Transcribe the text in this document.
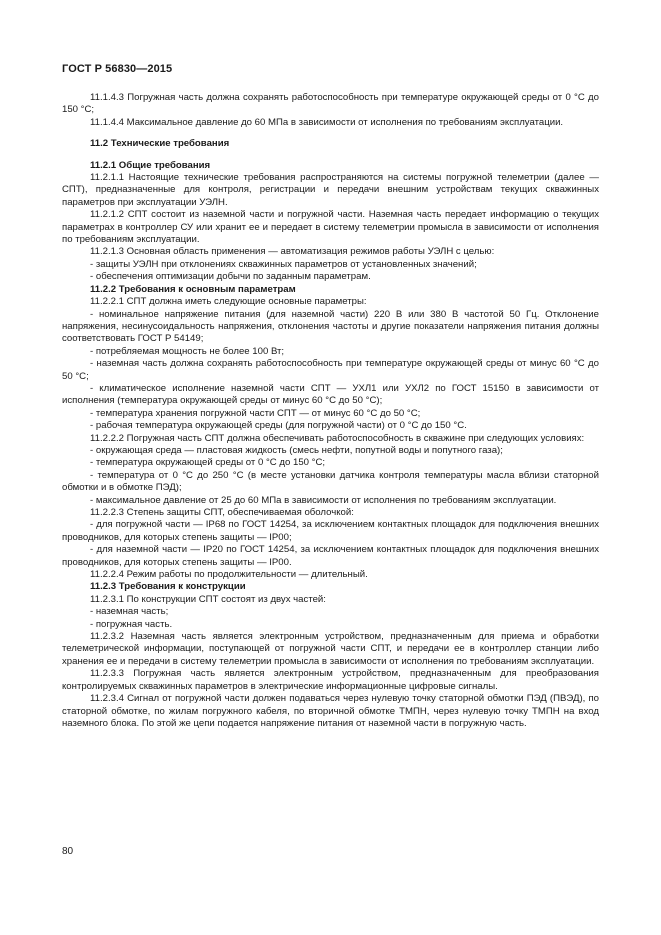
ГОСТ Р 56830—2015

11.1.4.3 Погружная часть должна сохранять работоспособность при температуре окружающей среды от 0 °С до 150 °С;

11.1.4.4 Максимальное давление до 60 МПа в зависимости от исполнения по требованиям эксплуатации.

11.2 Технические требования

11.2.1 Общие требования

11.2.1.1 Настоящие технические требования распространяются на системы погружной телеметрии (далее — СПТ), предназначенные для контроля, регистрации и передачи внешним устройствам текущих скважинных параметров при эксплуатации УЭЛН.

11.2.1.2 СПТ состоит из наземной части и погружной части. Наземная часть передает информацию о текущих параметрах в контроллер СУ или хранит ее и передает в систему телеметрии промысла в зависимости от исполнения по требованиям эксплуатации.

11.2.1.3 Основная область применения — автоматизация режимов работы УЭЛН с целью:

- защиты УЭЛН при отклонениях скважинных параметров от установленных значений;

- обеспечения оптимизации добычи по заданным параметрам.

11.2.2 Требования к основным параметрам

11.2.2.1 СПТ должна иметь следующие основные параметры:

- номинальное напряжение питания (для наземной части) 220 В или 380 В частотой 50 Гц. Отклонение напряжения, несинусоидальность напряжения, отклонения частоты и другие показатели напряжения питания должны соответствовать ГОСТ Р 54149;

- потребляемая мощность не более 100 Вт;

- наземная часть должна сохранять работоспособность при температуре окружающей среды от минус 60 °С до 50 °С;

- климатическое исполнение наземной части СПТ — УХЛ1 или УХЛ2 по ГОСТ 15150 в зависимости от исполнения (температура окружающей среды от минус 60 °С до 50 °С);

- температура хранения погружной части СПТ — от минус 60 °С до 50 °С;

- рабочая температура окружающей среды (для погружной части) от 0 °С до 150 °С.

11.2.2.2 Погружная часть СПТ должна обеспечивать работоспособность в скважине при следующих условиях:

- окружающая среда — пластовая жидкость (смесь нефти, попутной воды и попутного газа);

- температура окружающей среды от 0 °С до 150 °С;

- температура от 0 °С до 250 °С (в месте установки датчика контроля температуры масла вблизи статорной обмотки и в обмотке ПЭД);

- максимальное давление от 25 до 60 МПа в зависимости от исполнения по требованиям эксплуатации.

11.2.2.3 Степень защиты СПТ, обеспечиваемая оболочкой:

- для погружной части — IP68 по ГОСТ 14254, за исключением контактных площадок для подключения внешних проводников, для которых степень защиты — IP00;

- для наземной части — IP20 по ГОСТ 14254, за исключением контактных площадок для подключения внешних проводников, для которых степень защиты — IP00.

11.2.2.4 Режим работы по продолжительности — длительный.

11.2.3 Требования к конструкции

11.2.3.1 По конструкции СПТ состоят из двух частей:

- наземная часть;

- погружная часть.

11.2.3.2 Наземная часть является электронным устройством, предназначенным для приема и обработки телеметрической информации, поступающей от погружной части СПТ, и передачи ее в контроллер станции либо хранения ее и передачи в систему телеметрии промысла в зависимости от исполнения по требованиям эксплуатации.

11.2.3.3 Погружная часть является электронным устройством, предназначенным для преобразования контролируемых скважинных параметров в электрические информационные цифровые сигналы.

11.2.3.4 Сигнал от погружной части должен подаваться через нулевую точку статорной обмотки ПЭД (ПВЭД), по статорной обмотке, по жилам погружного кабеля, по вторичной обмотке ТМПН, через нулевую точку ТМПН на вход наземного блока. По этой же цепи подается напряжение питания от наземной части в погружную часть.

80
